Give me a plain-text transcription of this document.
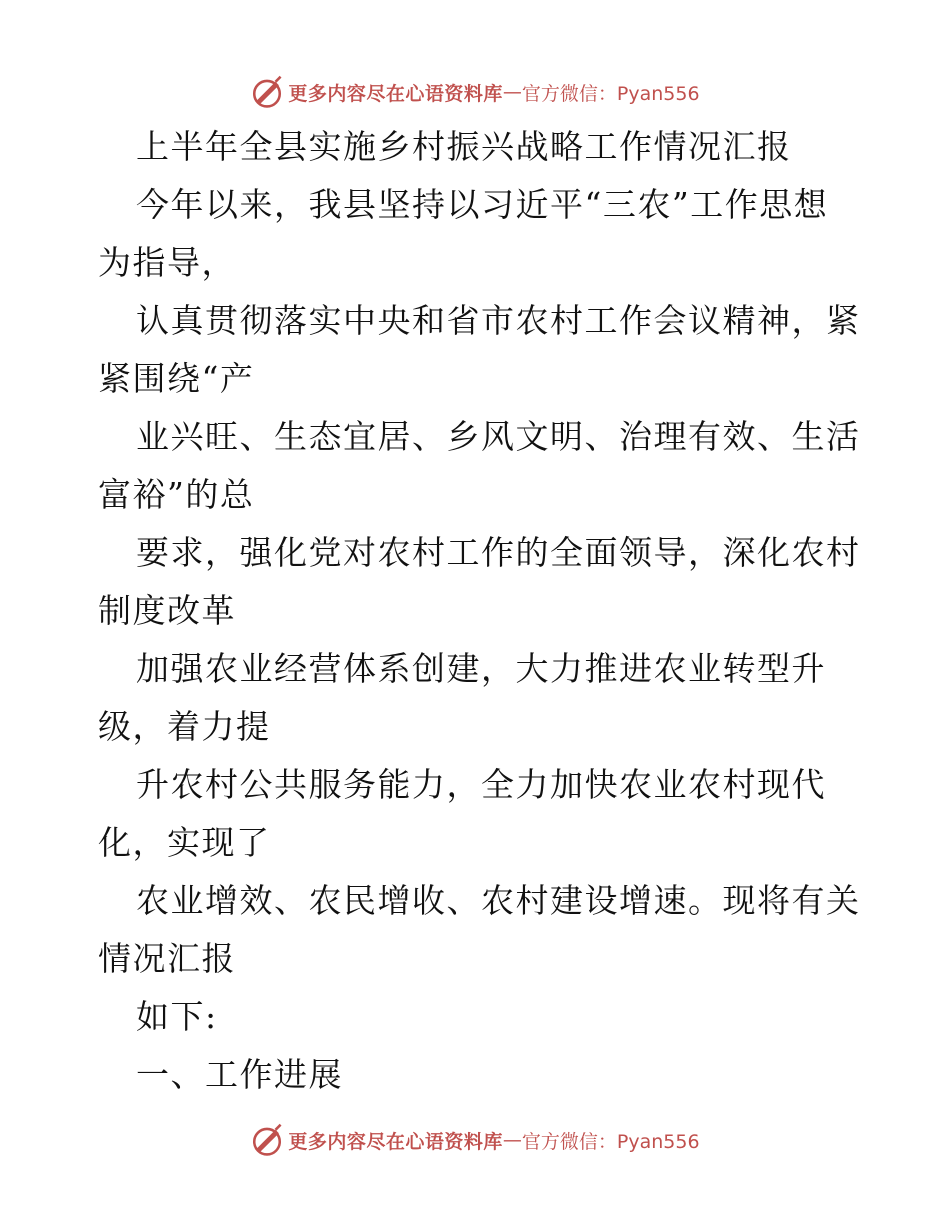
更多内容尽在心语资料库 — 官方微信：Pyan556
上半年全县实施乡村振兴战略工作情况汇报
今年以来，我县坚持以习近平“三农”工作思想
为指导，
认真贯彻落实中央和省市农村工作会议精神，紧
紧围绕“产
业兴旺、生态宜居、乡风文明、治理有效、生活
富裕”的总
要求，强化党对农村工作的全面领导，深化农村
制度改革
加强农业经营体系创建，大力推进农业转型升
级，着力提
升农村公共服务能力，全力加快农业农村现代
化，实现了
农业增效、农民增收、农村建设增速。现将有关
情况汇报
如下:
一、工作进展
更多内容尽在心语资料库 — 官方微信：Pyan556
